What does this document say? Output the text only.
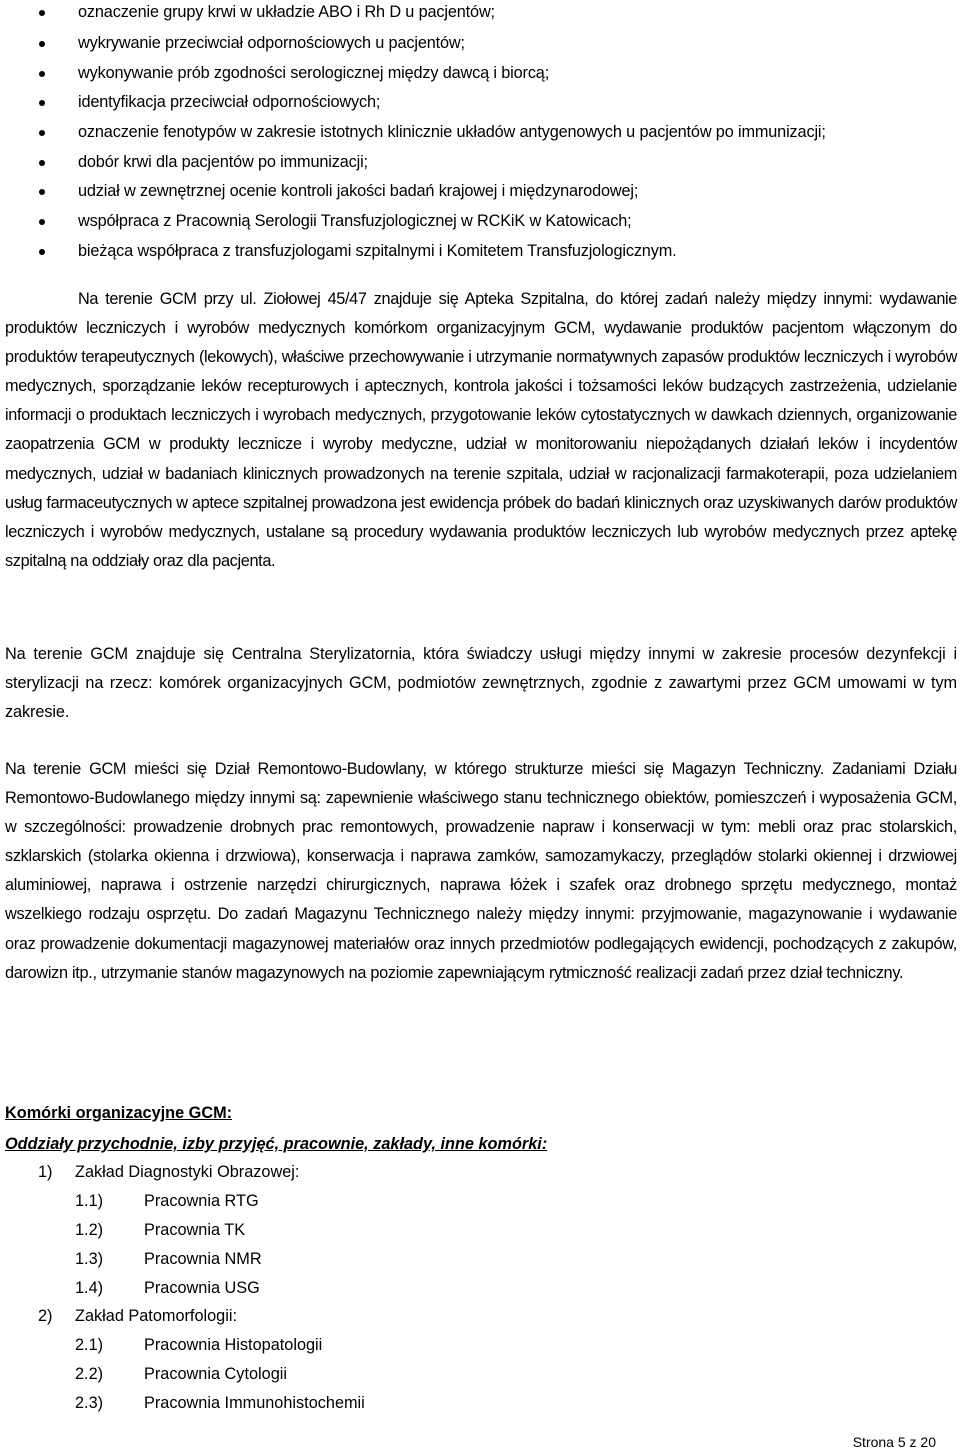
oznaczenie grupy krwi w układzie ABO i Rh D u pacjentów;
wykrywanie przeciwciał odpornościowych u pacjentów;
wykonywanie prób zgodności serologicznej między dawcą i biorcą;
identyfikacja przeciwciał odpornościowych;
oznaczenie fenotypów w zakresie istotnych klinicznie układów antygenowych u pacjentów po immunizacji;
dobór krwi dla pacjentów po immunizacji;
udział w zewnętrznej ocenie kontroli jakości badań krajowej i międzynarodowej;
współpraca z Pracownią Serologii Transfuzjologicznej w RCKiK w Katowicach;
bieżąca współpraca z transfuzjologami szpitalnymi i Komitetem Transfuzjologicznym.

Na terenie GCM przy ul. Ziołowej 45/47 znajduje się Apteka Szpitalna, do której zadań należy między innymi: wydawanie produktów leczniczych i wyrobów medycznych komórkom organizacyjnym GCM, wydawanie produktów pacjentom włączonym do produktów terapeutycznych (lekowych), właściwe przechowywanie i utrzymanie normatywnych zapasów produktów leczniczych i wyrobów medycznych, sporządzanie leków recepturowych i aptecznych, kontrola jakości i tożsamości leków budzących zastrzeżenia, udzielanie informacji o produktach leczniczych i wyrobach medycznych, przygotowanie leków cytostatycznych w dawkach dziennych, organizowanie zaopatrzenia GCM w produkty lecznicze i wyroby medyczne, udział w monitorowaniu niepożądanych działań leków i incydentów medycznych, udział w badaniach klinicznych prowadzonych na terenie szpitala, udział w racjonalizacji farmakoterapii, poza udzielaniem usług farmaceutycznych w aptece szpitalnej prowadzona jest ewidencja próbek do badań klinicznych oraz uzyskiwanych darów produktów leczniczych i wyrobów medycznych, ustalane są procedury wydawania produktów leczniczych lub wyrobów medycznych przez aptekę szpitalną na oddziały oraz dla pacjenta.

Na terenie GCM znajduje się Centralna Sterylizatornia, która świadczy usługi między innymi w zakresie procesów dezynfekcji i sterylizacji na rzecz: komórek organizacyjnych GCM, podmiotów zewnętrznych, zgodnie z zawartymi przez GCM umowami w tym zakresie.

Na terenie GCM mieści się Dział Remontowo-Budowlany, w którego strukturze mieści się Magazyn Techniczny. Zadaniami Działu Remontowo-Budowlanego między innymi są: zapewnienie właściwego stanu technicznego obiektów, pomieszczeń i wyposażenia GCM, w szczególności: prowadzenie drobnych prac remontowych, prowadzenie napraw i konserwacji w tym: mebli oraz prac stolarskich, szklarskich (stolarka okienna i drzwiowa), konserwacja i naprawa zamków, samozamykaczy, przeglądów stolarki okiennej i drzwiowej aluminiowej, naprawa i ostrzenie narzędzi chirurgicznych, naprawa łóżek i szafek oraz drobnego sprzętu medycznego, montaż wszelkiego rodzaju osprzętu. Do zadań Magazynu Technicznego należy między innymi: przyjmowanie, magazynowanie i wydawanie oraz prowadzenie dokumentacji magazynowej materiałów oraz innych przedmiotów podlegających ewidencji, pochodzących z zakupów, darowizn itp., utrzymanie stanów magazynowych na poziomie zapewniającym rytmiczność realizacji zadań przez dział techniczny.

Komórki organizacyjne GCM:
Oddziały przychodnie, izby przyjęć, pracownie, zakłady, inne komórki:
1) Zakład Diagnostyki Obrazowej:
1.1)	Pracownia RTG
1.2)	Pracownia TK
1.3)	Pracownia NMR
1.4)	Pracownia USG
2) Zakład Patomorfologii:
2.1)	Pracownia Histopatologii
2.2)	Pracownia Cytologii
2.3)	Pracownia Immunohistochemii
Strona 5 z 20
